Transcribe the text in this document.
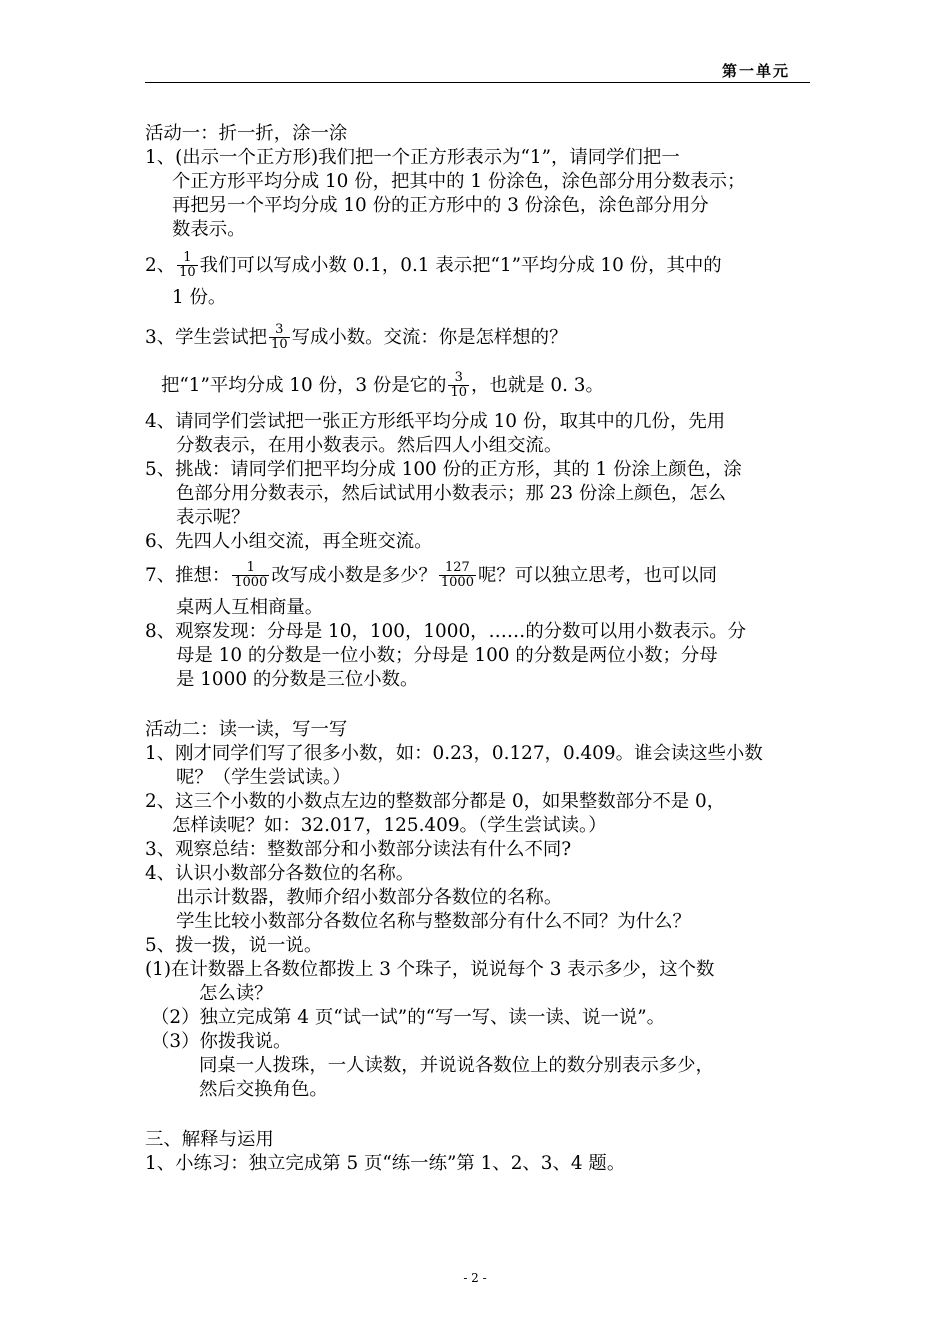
第一单元
活动一：折一折，涂一涂
1、(出示一个正方形)我们把一个正方形表示为“1”，请同学们把一
个正方形平均分成 10 份，把其中的 1 份涂色，涂色部分用分数表示；
再把另一个平均分成 10 份的正方形中的 3 份涂色，涂色部分用分
数表示。
2、 $\frac{1}{10}$ 我们可以写成小数 0.1，0.1 表示把“1”平均分成 10 份，其中的
1 份。
3、学生尝试把 $\frac{3}{10}$ 写成小数。交流：你是怎样想的？
把“1”平均分成 10 份，3 份是它的 $\frac{3}{10}$ ，也就是 0. 3。
4、请同学们尝试把一张正方形纸平均分成 10 份，取其中的几份，先用
分数表示，在用小数表示。然后四人小组交流。
5、挑战：请同学们把平均分成 100 份的正方形，其的 1 份涂上颜色，涂
色部分用分数表示，然后试试用小数表示；那 23 份涂上颜色，怎么
表示呢？
6、先四人小组交流，再全班交流。
7、推想： $\frac{1}{1000}$ 改写成小数是多少？ $\frac{127}{1000}$ 呢？可以独立思考，也可以同
桌两人互相商量。
8、观察发现：分母是 10，100，1000，……的分数可以用小数表示。分
母是 10 的分数是一位小数；分母是 100 的分数是两位小数；分母
是 1000 的分数是三位小数。
活动二：读一读，写一写
1、刚才同学们写了很多小数，如：0.23，0.127，0.409。谁会读这些小数
呢？（学生尝试读。）
2、这三个小数的小数点左边的整数部分都是 0，如果整数部分不是 0，
怎样读呢？如：32.017，125.409。（学生尝试读。）
3、观察总结：整数部分和小数部分读法有什么不同?
4、认识小数部分各数位的名称。
出示计数器，教师介绍小数部分各数位的名称。
学生比较小数部分各数位名称与整数部分有什么不同？为什么？
5、拨一拨，说一说。
(1)在计数器上各数位都拨上 3 个珠子，说说每个 3 表示多少，这个数
怎么读？
（2）独立完成第 4 页“试一试”的“写一写、读一读、说一说”。
（3）你拨我说。
同桌一人拨珠，一人读数，并说说各数位上的数分别表示多少，
然后交换角色。
三、解释与运用
1、小练习：独立完成第 5 页“练一练”第 1、2、3、4 题。
- 2 -
